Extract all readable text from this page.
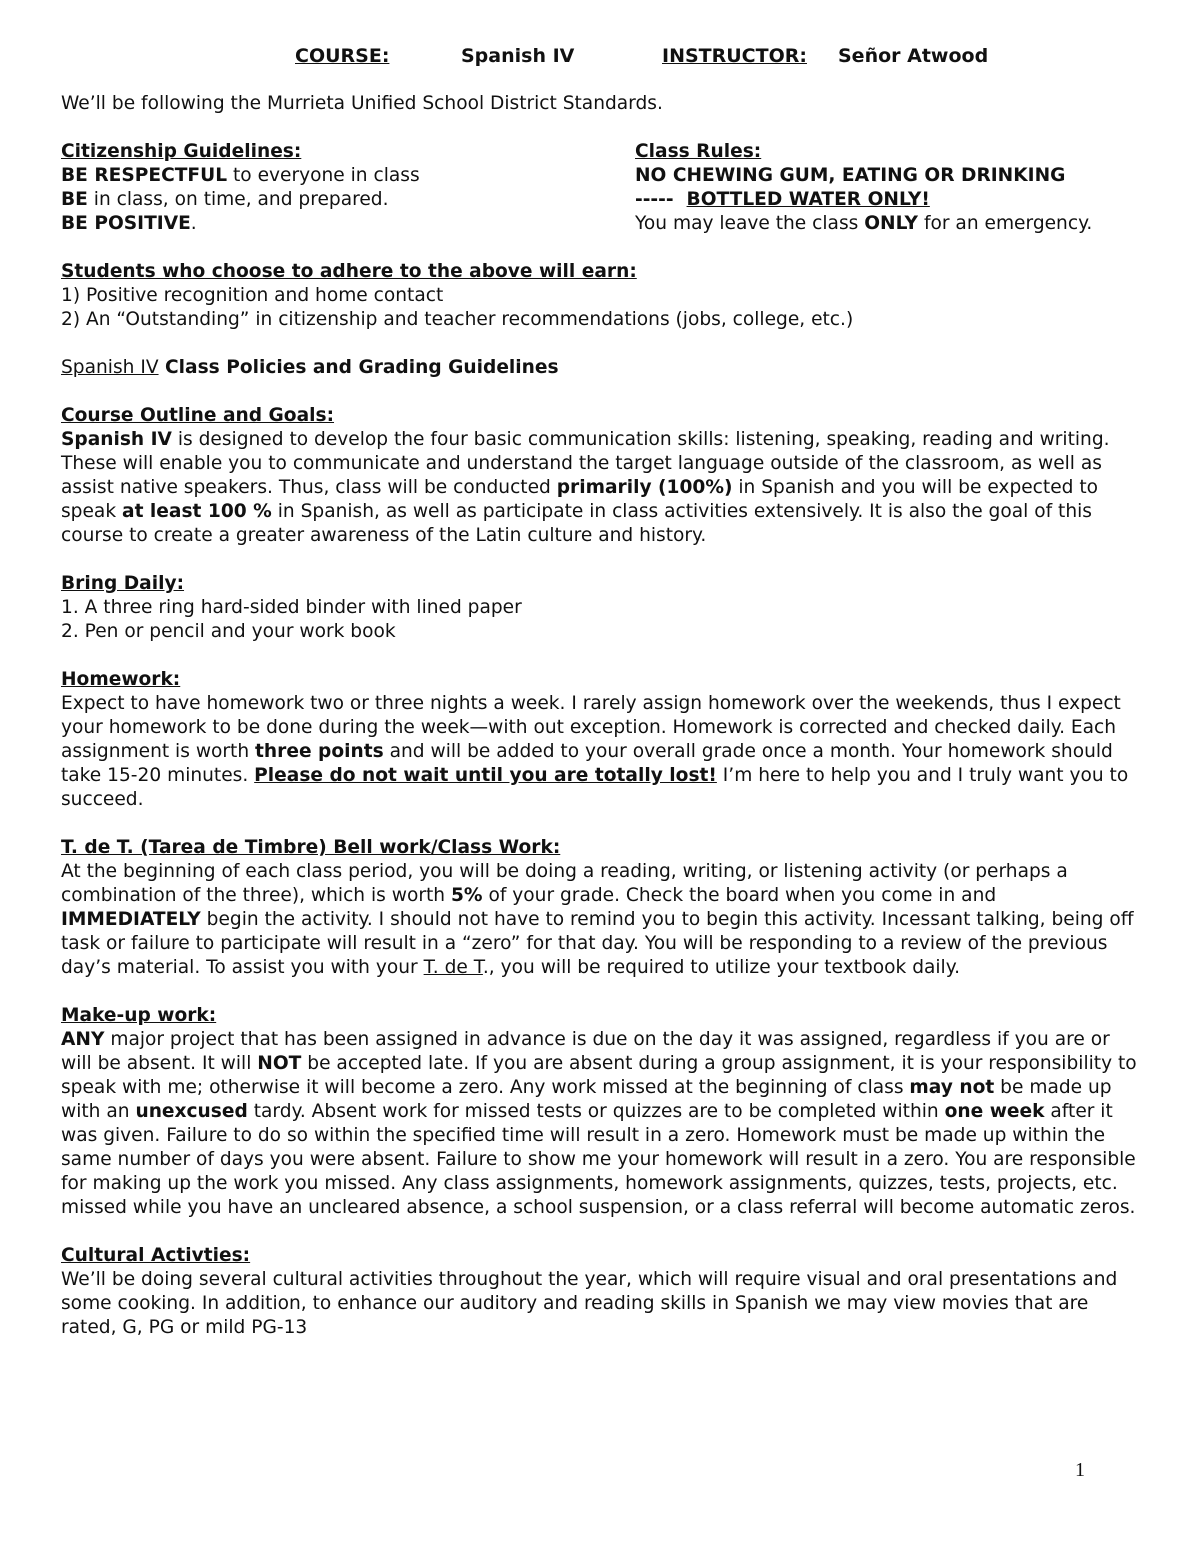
COURSE:	Spanish IV	INSTRUCTOR: Señor Atwood

We’ll be following the Murrieta Unified School District Standards.

Citizenship Guidelines:

BE RESPECTFUL to everyone in class

BE in class, on time, and prepared.

BE POSITIVE.

Class Rules:

NO CHEWING GUM, EATING OR DRINKING

-----  BOTTLED WATER ONLY!

You may leave the class ONLY for an emergency.

Students who choose to adhere to the above will earn:

1) Positive recognition and home contact

2) An “Outstanding” in citizenship and teacher recommendations (jobs, college, etc.)

Spanish IV Class Policies and Grading Guidelines

Course Outline and Goals:

Spanish IV is designed to develop the four basic communication skills: listening, speaking, reading and writing. These will enable you to communicate and understand the target language outside of the classroom, as well as assist native speakers. Thus, class will be conducted primarily (100%) in Spanish and you will be expected to speak at least 100 % in Spanish, as well as participate in class activities extensively. It is also the goal of this course to create a greater awareness of the Latin culture and history.

Bring Daily:

1. A three ring hard-sided binder with lined paper

2. Pen or pencil and your work book

Homework:

Expect to have homework two or three nights a week. I rarely assign homework over the weekends, thus I expect your homework to be done during the week—with out exception. Homework is corrected and checked daily. Each assignment is worth three points and will be added to your overall grade once a month. Your homework should take 15-20 minutes. Please do not wait until you are totally lost! I’m here to help you and I truly want you to succeed.

T. de T. (Tarea de Timbre) Bell work/Class Work:

At the beginning of each class period, you will be doing a reading, writing, or listening activity (or perhaps a combination of the three), which is worth 5% of your grade. Check the board when you come in and IMMEDIATELY begin the activity. I should not have to remind you to begin this activity. Incessant talking, being off task or failure to participate will result in a “zero” for that day. You will be responding to a review of the previous day’s material. To assist you with your T. de T., you will be required to utilize your textbook daily.

Make-up work:

ANY major project that has been assigned in advance is due on the day it was assigned, regardless if you are or will be absent. It will NOT be accepted late. If you are absent during a group assignment, it is your responsibility to speak with me; otherwise it will become a zero. Any work missed at the beginning of class may not be made up with an unexcused tardy. Absent work for missed tests or quizzes are to be completed within one week after it was given. Failure to do so within the specified time will result in a zero. Homework must be made up within the same number of days you were absent. Failure to show me your homework will result in a zero. You are responsible for making up the work you missed. Any class assignments, homework assignments, quizzes, tests, projects, etc. missed while you have an uncleared absence, a school suspension, or a class referral will become automatic zeros.

Cultural Activties:

We’ll be doing several cultural activities throughout the year, which will require visual and oral presentations and some cooking. In addition, to enhance our auditory and reading skills in Spanish we may view movies that are rated, G, PG or mild PG-13

1
